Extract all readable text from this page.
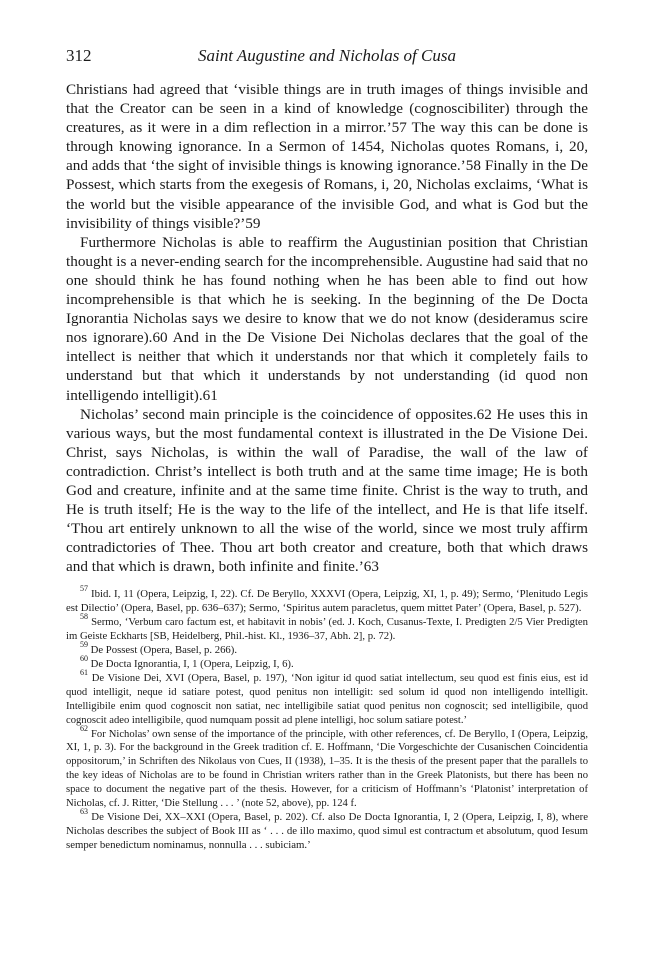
312	Saint Augustine and Nicholas of Cusa

Christians had agreed that ‘visible things are in truth images of things invisible and that the Creator can be seen in a kind of knowledge (cognoscibiliter) through the creatures, as it were in a dim reflection in a mirror.’57 The way this can be done is through knowing ignorance. In a Sermon of 1454, Nicholas quotes Romans, i, 20, and adds that ‘the sight of invisible things is knowing ignorance.’58 Finally in the De Possest, which starts from the exegesis of Romans, i, 20, Nicholas exclaims, ‘What is the world but the visible appearance of the invisible God, and what is God but the invisibility of things visible?’59

Furthermore Nicholas is able to reaffirm the Augustinian position that Christian thought is a never-ending search for the incomprehensible. Augustine had said that no one should think he has found nothing when he has been able to find out how incomprehensible is that which he is seeking. In the beginning of the De Docta Ignorantia Nicholas says we desire to know that we do not know (desideramus scire nos ignorare).60 And in the De Visione Dei Nicholas declares that the goal of the intellect is neither that which it understands nor that which it completely fails to understand but that which it understands by not understanding (id quod non intelligendo intelligit).61

Nicholas’ second main principle is the coincidence of opposites.62 He uses this in various ways, but the most fundamental context is illustrated in the De Visione Dei. Christ, says Nicholas, is within the wall of Paradise, the wall of the law of contradiction. Christ’s intellect is both truth and at the same time image; He is both God and creature, infinite and at the same time finite. Christ is the way to truth, and He is truth itself; He is the way to the life of the intellect, and He is that life itself. ‘Thou art entirely unknown to all the wise of the world, since we most truly affirm contradictories of Thee. Thou art both creator and creature, both that which draws and that which is drawn, both infinite and finite.’63

$^{57}$ Ibid. I, 11 (Opera, Leipzig, I, 22). Cf. De Beryllo, XXXVI (Opera, Leipzig, XI, 1, p. 49); Sermo, ‘Plenitudo Legis est Dilectio’ (Opera, Basel, pp. 636–637); Sermo, ‘Spiritus autem paracletus, quem mittet Pater’ (Opera, Basel, p. 527).

$^{58}$ Sermo, ‘Verbum caro factum est, et habitavit in nobis’ (ed. J. Koch, Cusanus-Texte, I. Predigten 2/5 Vier Predigten im Geiste Eckharts [SB, Heidelberg, Phil.-hist. Kl., 1936–37, Abh. 2], p. 72).

$^{59}$ De Possest (Opera, Basel, p. 266).

$^{60}$ De Docta Ignorantia, I, 1 (Opera, Leipzig, I, 6).

$^{61}$ De Visione Dei, XVI (Opera, Basel, p. 197), ‘Non igitur id quod satiat intellectum, seu quod est finis eius, est id quod intelligit, neque id satiare potest, quod penitus non intelligit: sed solum id quod non intelligendo intelligit. Intelligibile enim quod cognoscit non satiat, nec intelligibile satiat quod penitus non cognoscit; sed intelligibile, quod cognoscit adeo intelligibile, quod numquam possit ad plene intelligi, hoc solum satiare potest.’

$^{62}$ For Nicholas’ own sense of the importance of the principle, with other references, cf. De Beryllo, I (Opera, Leipzig, XI, 1, p. 3). For the background in the Greek tradition cf. E. Hoffmann, ‘Die Vorgeschichte der Cusanischen Coincidentia oppositorum,’ in Schriften des Nikolaus von Cues, II (1938), 1–35. It is the thesis of the present paper that the parallels to the key ideas of Nicholas are to be found in Christian writers rather than in the Greek Platonists, but there has been no space to document the negative part of the thesis. However, for a criticism of Hoffmann’s ‘Platonist’ interpretation of Nicholas, cf. J. Ritter, ‘Die Stellung . . . ’ (note 52, above), pp. 124 f.

$^{63}$ De Visione Dei, XX–XXI (Opera, Basel, p. 202). Cf. also De Docta Ignorantia, I, 2 (Opera, Leipzig, I, 8), where Nicholas describes the subject of Book III as ‘ . . . de illo maximo, quod simul est contractum et absolutum, quod Iesum semper benedictum nominamus, nonnulla . . . subiciam.’
